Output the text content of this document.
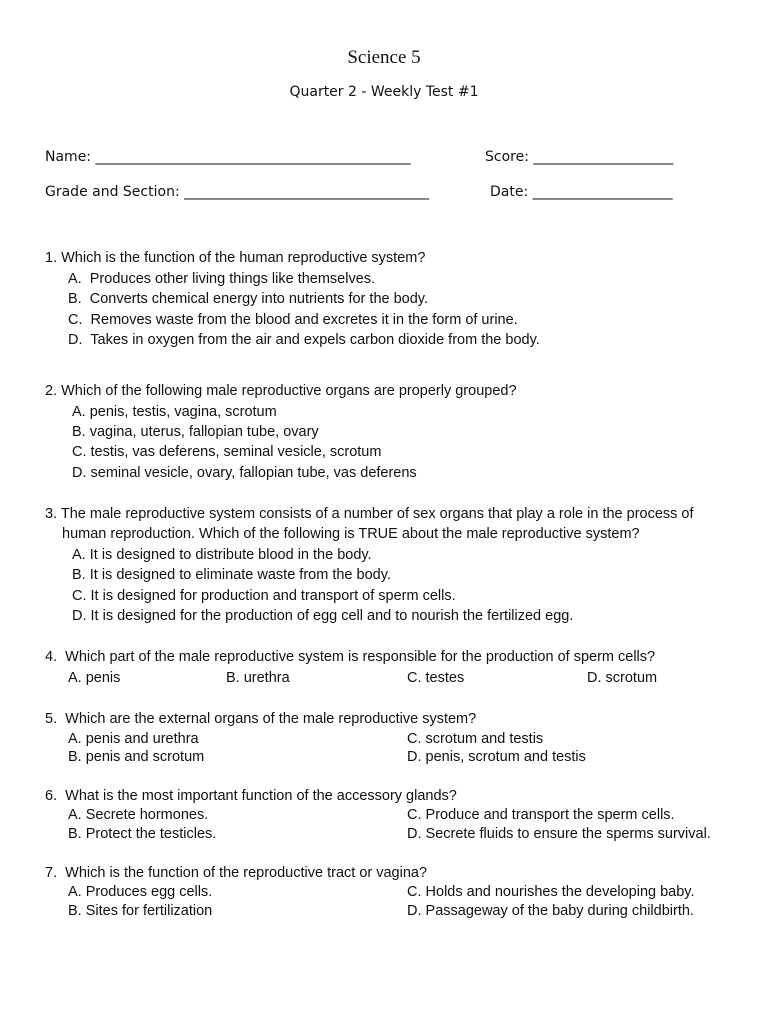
Science 5
Quarter 2 - Weekly Test #1
Name: _____________________________________________	Score: ____________________
Grade and Section: ___________________________________	Date: ____________________
1. Which is the function of the human reproductive system?
A.  Produces other living things like themselves.
B.  Converts chemical energy into nutrients for the body.
C.  Removes waste from the blood and excretes it in the form of urine.
D.  Takes in oxygen from the air and expels carbon dioxide from the body.
2. Which of the following male reproductive organs are properly grouped?
A. penis, testis, vagina, scrotum
B. vagina, uterus, fallopian tube, ovary
C. testis, vas deferens, seminal vesicle, scrotum
D. seminal vesicle, ovary, fallopian tube, vas deferens
3. The male reproductive system consists of a number of sex organs that play a role in the process of
human reproduction. Which of the following is TRUE about the male reproductive system?
A. It is designed to distribute blood in the body.
B. It is designed to eliminate waste from the body.
C. It is designed for production and transport of sperm cells.
D. It is designed for the production of egg cell and to nourish the fertilized egg.
4.  Which part of the male reproductive system is responsible for the production of sperm cells?
A. penis	B. urethra	C. testes	D. scrotum
5.  Which are the external organs of the male reproductive system?
A. penis and urethra	C. scrotum and testis
B. penis and scrotum	D. penis, scrotum and testis
6.  What is the most important function of the accessory glands?
A. Secrete hormones.	C. Produce and transport the sperm cells.
B. Protect the testicles.	D. Secrete fluids to ensure the sperms survival.
7.  Which is the function of the reproductive tract or vagina?
A. Produces egg cells.	C. Holds and nourishes the developing baby.
B. Sites for fertilization	D. Passageway of the baby during childbirth.
